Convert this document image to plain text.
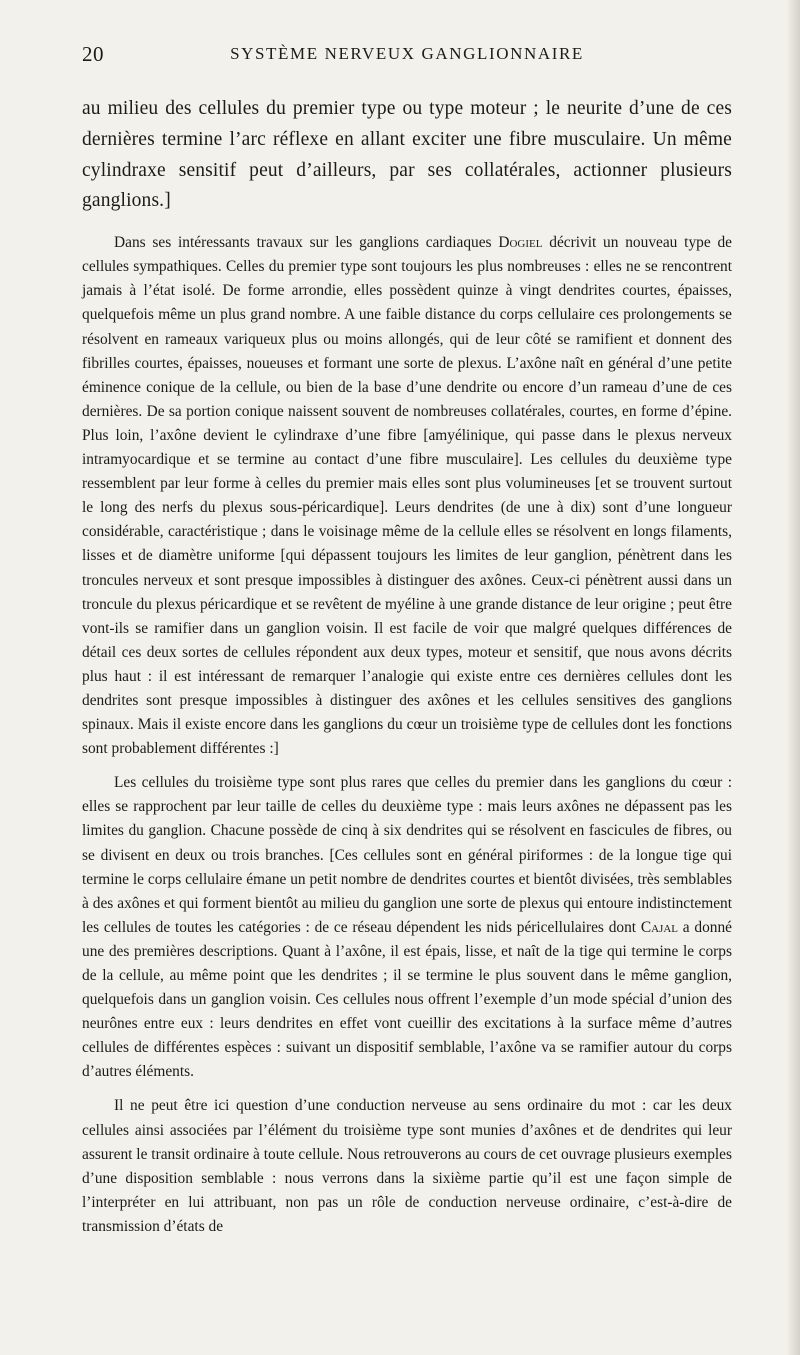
20	SYSTÈME NERVEUX GANGLIONNAIRE

au milieu des cellules du premier type ou type moteur ; le neurite d’une de ces dernières termine l’arc réflexe en allant exciter une fibre musculaire. Un même cylindraxe sensitif peut d’ailleurs, par ses collatérales, actionner plusieurs ganglions.]

Dans ses intéressants travaux sur les ganglions cardiaques Dogiel décrivit un nouveau type de cellules sympathiques. Celles du premier type sont toujours les plus nombreuses : elles ne se rencontrent jamais à l’état isolé. De forme arrondie, elles possèdent quinze à vingt dendrites courtes, épaisses, quelquefois même un plus grand nombre. A une faible distance du corps cellulaire ces prolongements se résolvent en rameaux variqueux plus ou moins allongés, qui de leur côté se ramifient et donnent des fibrilles courtes, épaisses, noueuses et formant une sorte de plexus. L’axône naît en général d’une petite éminence conique de la cellule, ou bien de la base d’une dendrite ou encore d’un rameau d’une de ces dernières. De sa portion conique naissent souvent de nombreuses collatérales, courtes, en forme d’épine. Plus loin, l’axône devient le cylindraxe d’une fibre [amyélinique, qui passe dans le plexus nerveux intramyocardique et se termine au contact d’une fibre musculaire]. Les cellules du deuxième type ressemblent par leur forme à celles du premier mais elles sont plus volumineuses [et se trouvent surtout le long des nerfs du plexus sous-péricardique]. Leurs dendrites (de une à dix) sont d’une longueur considérable, caractéristique ; dans le voisinage même de la cellule elles se résolvent en longs filaments, lisses et de diamètre uniforme [qui dépassent toujours les limites de leur ganglion, pénètrent dans les troncules nerveux et sont presque impossibles à distinguer des axônes. Ceux-ci pénètrent aussi dans un troncule du plexus péricardique et se revêtent de myéline à une grande distance de leur origine ; peut être vont-ils se ramifier dans un ganglion voisin. Il est facile de voir que malgré quelques différences de détail ces deux sortes de cellules répondent aux deux types, moteur et sensitif, que nous avons décrits plus haut : il est intéressant de remarquer l’analogie qui existe entre ces dernières cellules dont les dendrites sont presque impossibles à distinguer des axônes et les cellules sensitives des ganglions spinaux. Mais il existe encore dans les ganglions du cœur un troisième type de cellules dont les fonctions sont probablement différentes :]

Les cellules du troisième type sont plus rares que celles du premier dans les ganglions du cœur : elles se rapprochent par leur taille de celles du deuxième type : mais leurs axônes ne dépassent pas les limites du ganglion. Chacune possède de cinq à six dendrites qui se résolvent en fascicules de fibres, ou se divisent en deux ou trois branches. [Ces cellules sont en général piriformes : de la longue tige qui termine le corps cellulaire émane un petit nombre de dendrites courtes et bientôt divisées, très semblables à des axônes et qui forment bientôt au milieu du ganglion une sorte de plexus qui entoure indistinctement les cellules de toutes les catégories : de ce réseau dépendent les nids péricellulaires dont Cajal a donné une des premières descriptions. Quant à l’axône, il est épais, lisse, et naît de la tige qui termine le corps de la cellule, au même point que les dendrites ; il se termine le plus souvent dans le même ganglion, quelquefois dans un ganglion voisin. Ces cellules nous offrent l’exemple d’un mode spécial d’union des neurônes entre eux : leurs dendrites en effet vont cueillir des excitations à la surface même d’autres cellules de différentes espèces : suivant un dispositif semblable, l’axône va se ramifier autour du corps d’autres éléments.

Il ne peut être ici question d’une conduction nerveuse au sens ordinaire du mot : car les deux cellules ainsi associées par l’élément du troisième type sont munies d’axônes et de dendrites qui leur assurent le transit ordinaire à toute cellule. Nous retrouverons au cours de cet ouvrage plusieurs exemples d’une disposition semblable : nous verrons dans la sixième partie qu’il est une façon simple de l’interpréter en lui attribuant, non pas un rôle de conduction nerveuse ordinaire, c’est-à-dire de transmission d’états de
